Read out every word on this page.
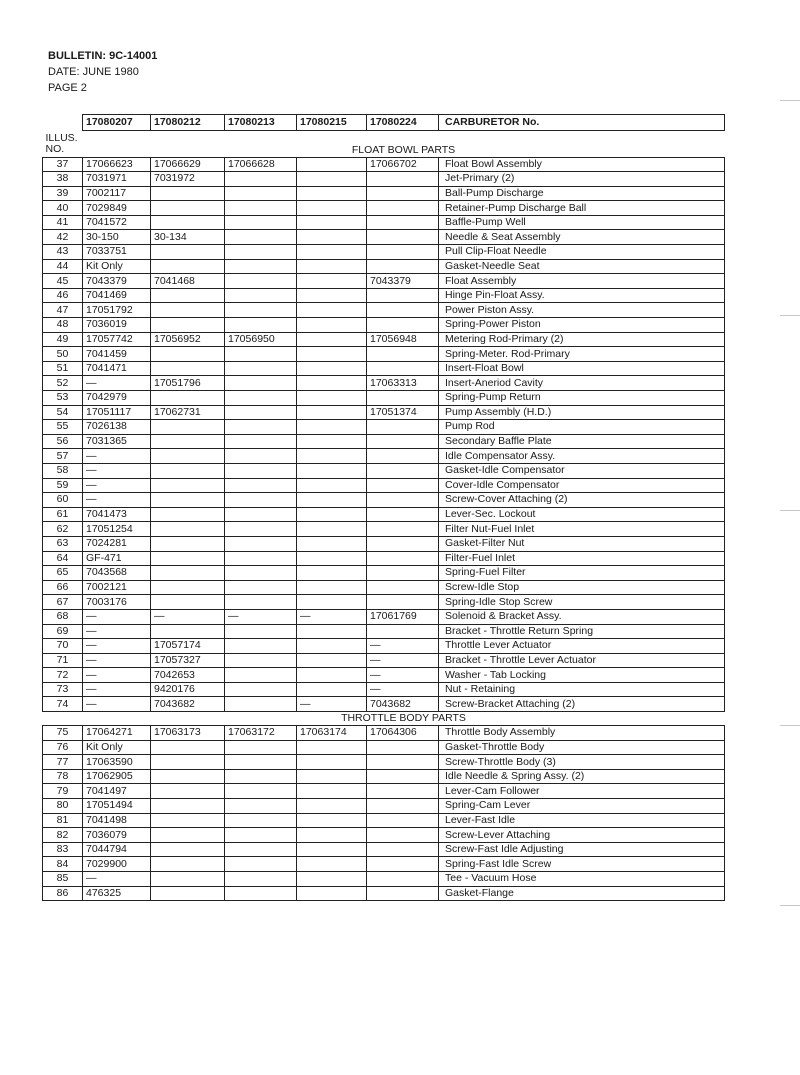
BULLETIN: 9C-14001
DATE: JUNE 1980
PAGE 2
	17080207	17080212	17080213	17080215	17080224	CARBURETOR No.

ILLUS.
NO.	FLOAT BOWL PARTS					
37	17066623	17066629	17066628		17066702	Float Bowl Assembly
38	7031971	7031972				Jet-Primary (2)
39	7002117					Ball-Pump Discharge
40	7029849					Retainer-Pump Discharge Ball
41	7041572					Baffle-Pump Well
42	30-150	30-134				Needle & Seat Assembly
43	7033751					Pull Clip-Float Needle
44	Kit Only					Gasket-Needle Seat
45	7043379	7041468			7043379	Float Assembly
46	7041469					Hinge Pin-Float Assy.
47	17051792					Power Piston Assy.
48	7036019					Spring-Power Piston
49	17057742	17056952	17056950		17056948	Metering Rod-Primary (2)
50	7041459					Spring-Meter. Rod-Primary
51	7041471					Insert-Float Bowl
52	—	17051796			17063313	Insert-Aneriod Cavity
53	7042979					Spring-Pump Return
54	17051117	17062731			17051374	Pump Assembly (H.D.)
55	7026138					Pump Rod
56	7031365					Secondary Baffle Plate
57	—					Idle Compensator Assy.
58	—					Gasket-Idle Compensator
59	—					Cover-Idle Compensator
60	—					Screw-Cover Attaching (2)
61	7041473					Lever-Sec. Lockout
62	17051254					Filter Nut-Fuel Inlet
63	7024281					Gasket-Filter Nut
64	GF-471					Filter-Fuel Inlet
65	7043568					Spring-Fuel Filter
66	7002121					Screw-Idle Stop
67	7003176					Spring-Idle Stop Screw
68	—	—	—	—	17061769	Solenoid & Bracket Assy.
69	—					Bracket - Throttle Return Spring
70	—	17057174			—	Throttle Lever Actuator
71	—	17057327			—	Bracket - Throttle Lever Actuator
72	—	7042653			—	Washer - Tab Locking
73	—	9420176			—	Nut - Retaining
74	—	7043682		—	7043682	Screw-Bracket Attaching (2)
	THROTTLE BODY PARTS					
75	17064271	17063173	17063172	17063174	17064306	Throttle Body Assembly
76	Kit Only					Gasket-Throttle Body
77	17063590					Screw-Throttle Body (3)
78	17062905					Idle Needle & Spring Assy. (2)
79	7041497					Lever-Cam Follower
80	17051494					Spring-Cam Lever
81	7041498					Lever-Fast Idle
82	7036079					Screw-Lever Attaching
83	7044794					Screw-Fast Idle Adjusting
84	7029900					Spring-Fast Idle Screw
85	—					Tee - Vacuum Hose
86	476325					Gasket-Flange
